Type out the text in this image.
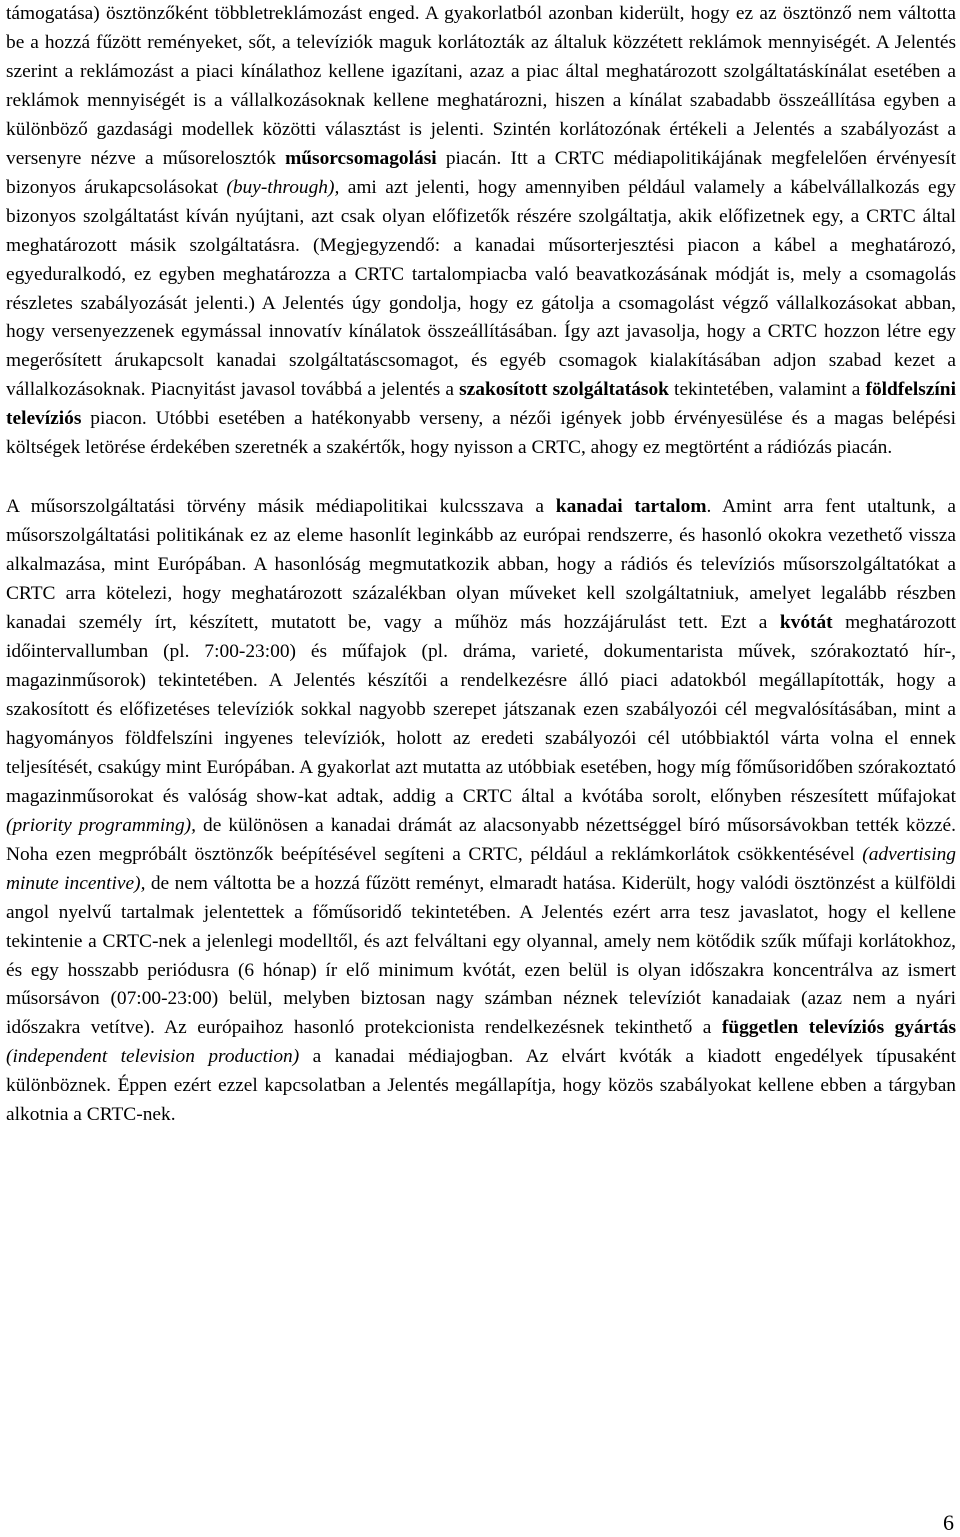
támogatása) ösztönzőként többletreklámozást enged. A gyakorlatból azonban kiderült, hogy ez az ösztönző nem váltotta be a hozzá fűzött reményeket, sőt, a televíziók maguk korlátozták az általuk közzétett reklámok mennyiségét. A Jelentés szerint a reklámozást a piaci kínálathoz kellene igazítani, azaz a piac által meghatározott szolgáltatáskínálat esetében a reklámok mennyiségét is a vállalkozásoknak kellene meghatározni, hiszen a kínálat szabadabb összeállítása egyben a különböző gazdasági modellek közötti választást is jelenti. Szintén korlátozónak értékeli a Jelentés a szabályozást a versenyre nézve a műsorelosztók műsorcsomagolási piacán. Itt a CRTC médiapolitikájának megfelelően érvényesít bizonyos árukapcsolásokat (buy-through), ami azt jelenti, hogy amennyiben például valamely a kábelvállalkozás egy bizonyos szolgáltatást kíván nyújtani, azt csak olyan előfizetők részére szolgáltatja, akik előfizetnek egy, a CRTC által meghatározott másik szolgáltatásra. (Megjegyzendő: a kanadai műsorterjesztési piacon a kábel a meghatározó, egyeduralkodó, ez egyben meghatározza a CRTC tartalompiacba való beavatkozásának módját is, mely a csomagolás részletes szabályozását jelenti.) A Jelentés úgy gondolja, hogy ez gátolja a csomagolást végző vállalkozásokat abban, hogy versenyezzenek egymással innovatív kínálatok összeállításában. Így azt javasolja, hogy a CRTC hozzon létre egy megerősített árukapcsolt kanadai szolgáltatáscsomagot, és egyéb csomagok kialakításában adjon szabad kezet a vállalkozásoknak. Piacnyitást javasol továbbá a jelentés a szakosított szolgáltatások tekintetében, valamint a földfelszíni televíziós piacon. Utóbbi esetében a hatékonyabb verseny, a nézői igények jobb érvényesülése és a magas belépési költségek letörése érdekében szeretnék a szakértők, hogy nyisson a CRTC, ahogy ez megtörtént a rádiózás piacán.

A műsorszolgáltatási törvény másik médiapolitikai kulcsszava a kanadai tartalom. Amint arra fent utaltunk, a műsorszolgáltatási politikának ez az eleme hasonlít leginkább az európai rendszerre, és hasonló okokra vezethető vissza alkalmazása, mint Európában. A hasonlóság megmutatkozik abban, hogy a rádiós és televíziós műsorszolgáltatókat a CRTC arra kötelezi, hogy meghatározott százalékban olyan műveket kell szolgáltatniuk, amelyet legalább részben kanadai személy írt, készített, mutatott be, vagy a műhöz más hozzájárulást tett. Ezt a kvótát meghatározott időintervallumban (pl. 7:00-23:00) és műfajok (pl. dráma, varieté, dokumentarista művek, szórakoztató hír-, magazinműsorok) tekintetében. A Jelentés készítői a rendelkezésre álló piaci adatokból megállapították, hogy a szakosított és előfizetéses televíziók sokkal nagyobb szerepet játszanak ezen szabályozói cél megvalósításában, mint a hagyományos földfelszíni ingyenes televíziók, holott az eredeti szabályozói cél utóbbiaktól várta volna el ennek teljesítését, csakúgy mint Európában. A gyakorlat azt mutatta az utóbbiak esetében, hogy míg főműsoridőben szórakoztató magazinműsorokat és valóság show-kat adtak, addig a CRTC által a kvótába sorolt, előnyben részesített műfajokat (priority programming), de különösen a kanadai drámát az alacsonyabb nézettséggel bíró műsorsávokban tették közzé. Noha ezen megpróbált ösztönzők beépítésével segíteni a CRTC, például a reklámkorlátok csökkentésével (advertising minute incentive), de nem váltotta be a hozzá fűzött reményt, elmaradt hatása. Kiderült, hogy valódi ösztönzést a külföldi angol nyelvű tartalmak jelentettek a főműsoridő tekintetében. A Jelentés ezért arra tesz javaslatot, hogy el kellene tekintenie a CRTC-nek a jelenlegi modelltől, és azt felváltani egy olyannal, amely nem kötődik szűk műfaji korlátokhoz, és egy hosszabb periódusra (6 hónap) ír elő minimum kvótát, ezen belül is olyan időszakra koncentrálva az ismert műsorsávon (07:00-23:00) belül, melyben biztosan nagy számban néznek televíziót kanadaiak (azaz nem a nyári időszakra vetítve). Az európaihoz hasonló protekcionista rendelkezésnek tekinthető a független televíziós gyártás (independent television production) a kanadai médiajogban. Az elvárt kvóták a kiadott engedélyek típusaként különböznek. Éppen ezért ezzel kapcsolatban a Jelentés megállapítja, hogy közös szabályokat kellene ebben a tárgyban alkotnia a CRTC-nek.

6
